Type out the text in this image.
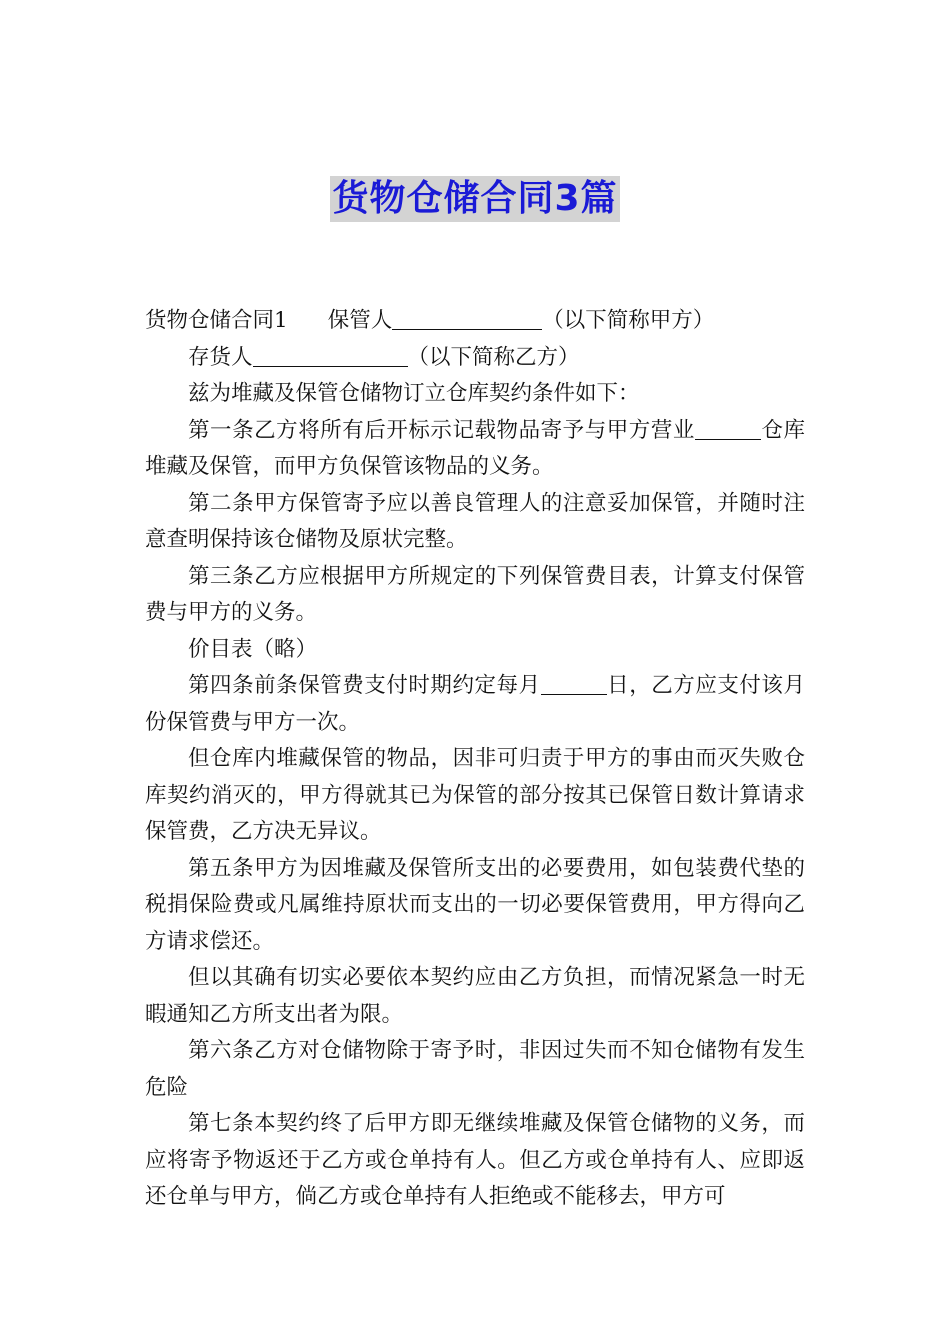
货物仓储合同3篇

货物仓储合同1 保管人	（以下简称甲方）

存货人	（以下简称乙方）

兹为堆藏及保管仓储物订立仓库契约条件如下：

第一条乙方将所有后开标示记载物品寄予与甲方营业	仓库堆藏及保管，而甲方负保管该物品的义务。

第二条甲方保管寄予应以善良管理人的注意妥加保管，并随时注意查明保持该仓储物及原状完整。

第三条乙方应根据甲方所规定的下列保管费目表，计算支付保管费与甲方的义务。

价目表（略）

第四条前条保管费支付时期约定每月	日，乙方应支付该月份保管费与甲方一次。

但仓库内堆藏保管的物品，因非可归责于甲方的事由而灭失败仓库契约消灭的，甲方得就其已为保管的部分按其已保管日数计算请求保管费，乙方决无异议。

第五条甲方为因堆藏及保管所支出的必要费用，如包装费代垫的税捐保险费或凡属维持原状而支出的一切必要保管费用，甲方得向乙方请求偿还。

但以其确有切实必要依本契约应由乙方负担，而情况紧急一时无暇通知乙方所支出者为限。

第六条乙方对仓储物除于寄予时，非因过失而不知仓储物有发生危险

第七条本契约终了后甲方即无继续堆藏及保管仓储物的义务，而应将寄予物返还于乙方或仓单持有人。但乙方或仓单持有人、应即返还仓单与甲方，倘乙方或仓单持有人拒绝或不能移去，甲方可
